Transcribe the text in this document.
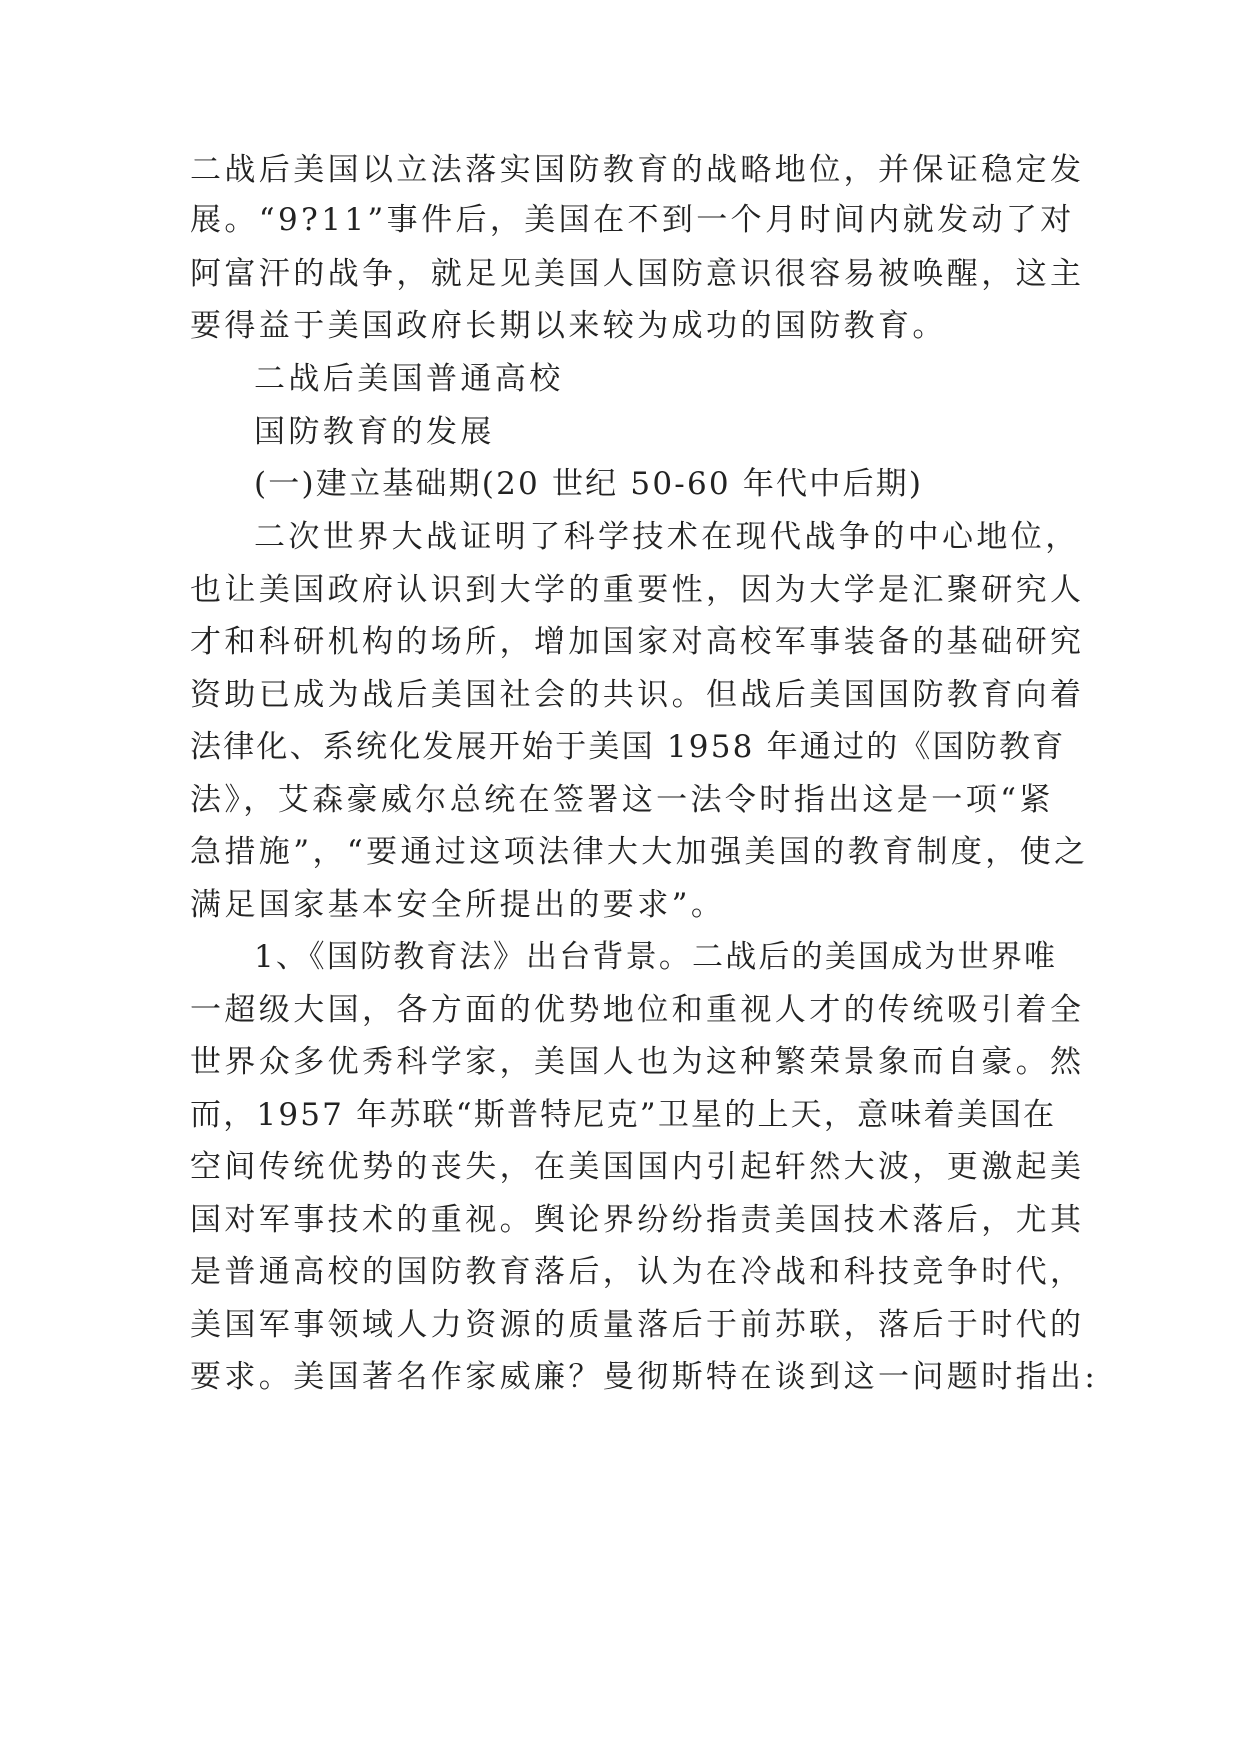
二战后美国以立法落实国防教育的战略地位，并保证稳定发

展。“9?11”事件后，美国在不到一个月时间内就发动了对

阿富汗的战争，就足见美国人国防意识很容易被唤醒，这主

要得益于美国政府长期以来较为成功的国防教育。

二战后美国普通高校

国防教育的发展

(一)建立基础期(20 世纪 50-60 年代中后期)

二次世界大战证明了科学技术在现代战争的中心地位，

也让美国政府认识到大学的重要性，因为大学是汇聚研究人

才和科研机构的场所，增加国家对高校军事装备的基础研究

资助已成为战后美国社会的共识。但战后美国国防教育向着

法律化、系统化发展开始于美国 1958 年通过的《国防教育

法》，艾森豪威尔总统在签署这一法令时指出这是一项“紧

急措施”，“要通过这项法律大大加强美国的教育制度，使之

满足国家基本安全所提出的要求”。

1、《国防教育法》出台背景。二战后的美国成为世界唯

一超级大国，各方面的优势地位和重视人才的传统吸引着全

世界众多优秀科学家，美国人也为这种繁荣景象而自豪。然

而，1957 年苏联“斯普特尼克”卫星的上天，意味着美国在

空间传统优势的丧失，在美国国内引起轩然大波，更激起美

国对军事技术的重视。舆论界纷纷指责美国技术落后，尤其

是普通高校的国防教育落后，认为在冷战和科技竞争时代，

美国军事领域人力资源的质量落后于前苏联，落后于时代的

要求。美国著名作家威廉？曼彻斯特在谈到这一问题时指出:
